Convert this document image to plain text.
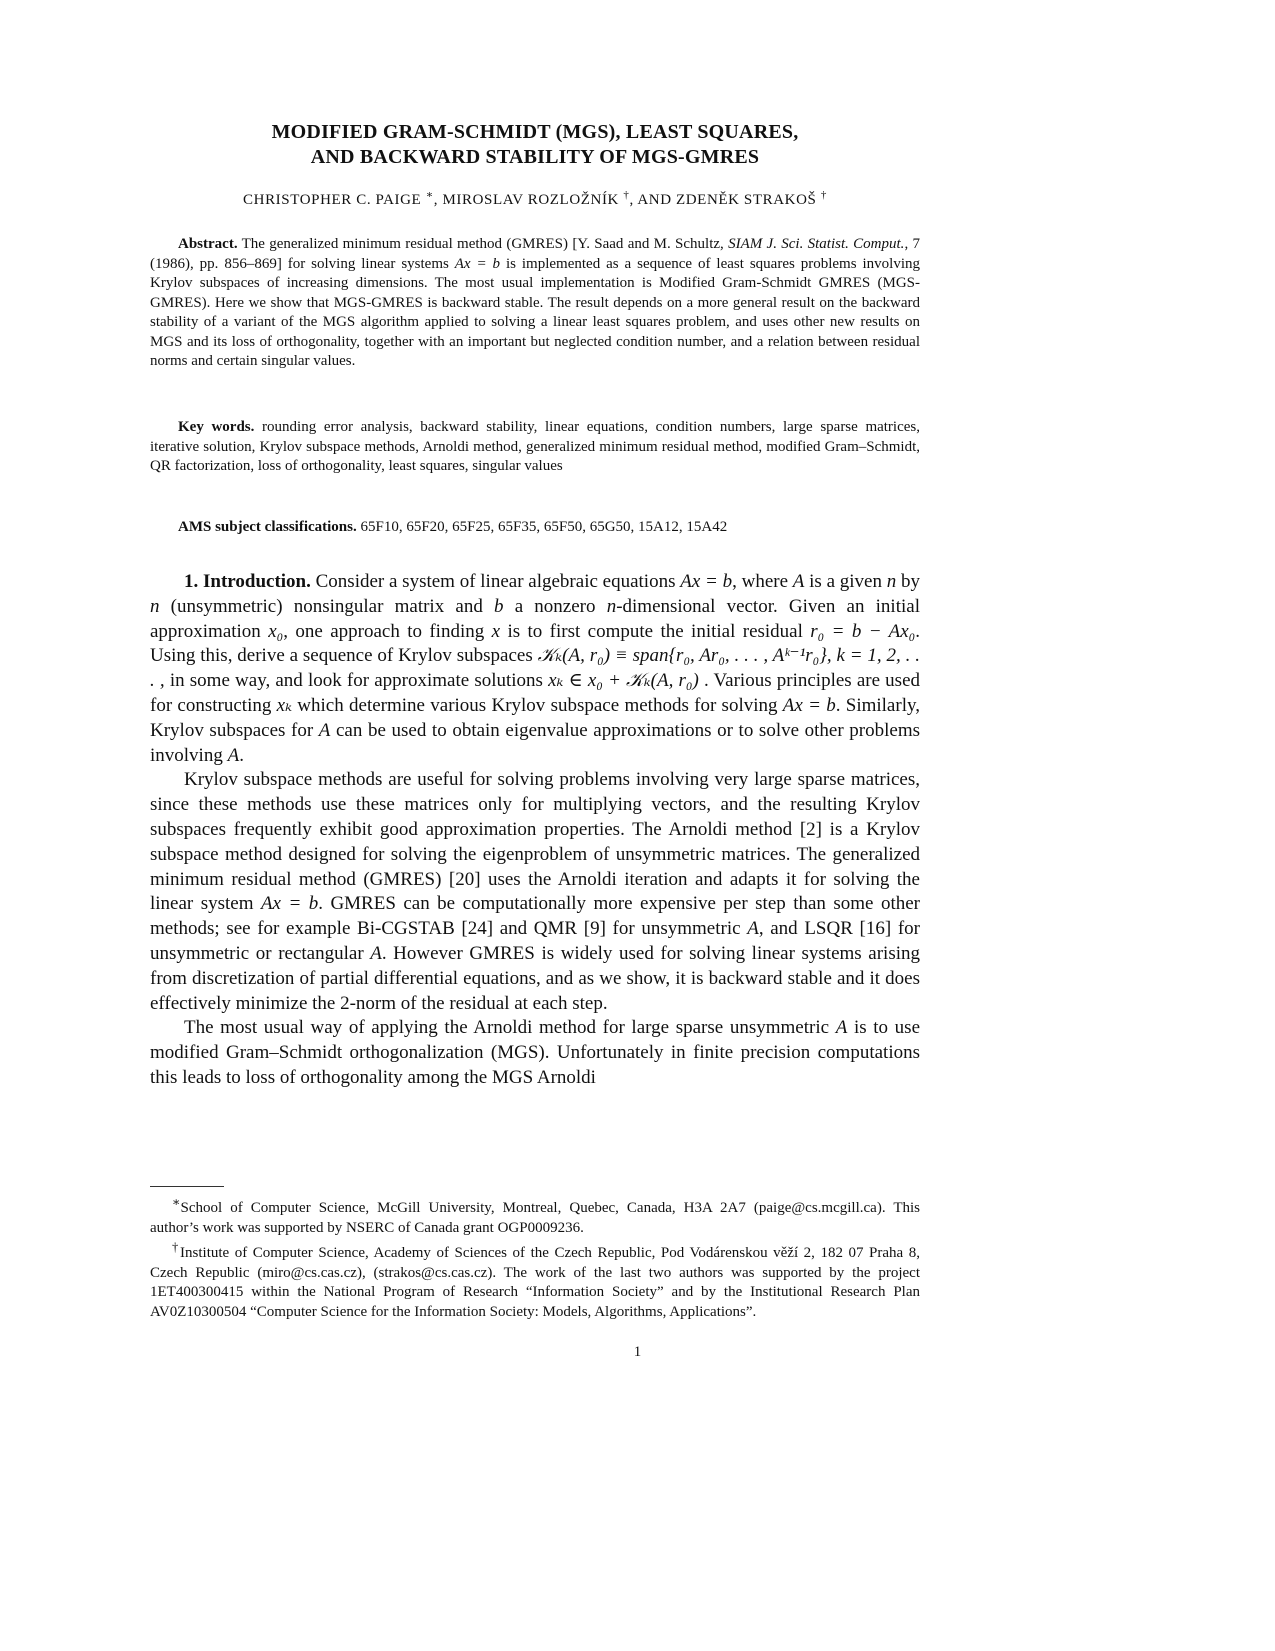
MODIFIED GRAM-SCHMIDT (MGS), LEAST SQUARES,
AND BACKWARD STABILITY OF MGS-GMRES
CHRISTOPHER C. PAIGE ∗, MIROSLAV ROZLOŽNÍK †, AND ZDENĚK STRAKOŠ †

Abstract. The generalized minimum residual method (GMRES) [Y. Saad and M. Schultz, SIAM J. Sci. Statist. Comput., 7 (1986), pp. 856–869] for solving linear systems Ax = b is implemented as a sequence of least squares problems involving Krylov subspaces of increasing dimensions. The most usual implementation is Modified Gram-Schmidt GMRES (MGS-GMRES). Here we show that MGS-GMRES is backward stable. The result depends on a more general result on the backward stability of a variant of the MGS algorithm applied to solving a linear least squares problem, and uses other new results on MGS and its loss of orthogonality, together with an important but neglected condition number, and a relation between residual norms and certain singular values.

Key words. rounding error analysis, backward stability, linear equations, condition numbers, large sparse matrices, iterative solution, Krylov subspace methods, Arnoldi method, generalized minimum residual method, modified Gram–Schmidt, QR factorization, loss of orthogonality, least squares, singular values

AMS subject classifications. 65F10, 65F20, 65F25, 65F35, 65F50, 65G50, 15A12, 15A42

1. Introduction. Consider a system of linear algebraic equations Ax = b, where A is a given n by n (unsymmetric) nonsingular matrix and b a nonzero n-dimensional vector. Given an initial approximation x₀, one approach to finding x is to first compute the initial residual r₀ = b − Ax₀. Using this, derive a sequence of Krylov subspaces 𝒦ₖ(A, r₀) ≡ span{r₀, Ar₀, . . . , Aᵏ⁻¹r₀}, k = 1, 2, . . . , in some way, and look for approximate solutions xₖ ∈ x₀ + 𝒦ₖ(A, r₀) . Various principles are used for constructing xₖ which determine various Krylov subspace methods for solving Ax = b. Similarly, Krylov subspaces for A can be used to obtain eigenvalue approximations or to solve other problems involving A.

Krylov subspace methods are useful for solving problems involving very large sparse matrices, since these methods use these matrices only for multiplying vectors, and the resulting Krylov subspaces frequently exhibit good approximation properties. The Arnoldi method [2] is a Krylov subspace method designed for solving the eigenproblem of unsymmetric matrices. The generalized minimum residual method (GMRES) [20] uses the Arnoldi iteration and adapts it for solving the linear system Ax = b. GMRES can be computationally more expensive per step than some other methods; see for example Bi-CGSTAB [24] and QMR [9] for unsymmetric A, and LSQR [16] for unsymmetric or rectangular A. However GMRES is widely used for solving linear systems arising from discretization of partial differential equations, and as we show, it is backward stable and it does effectively minimize the 2-norm of the residual at each step.

The most usual way of applying the Arnoldi method for large sparse unsymmetric A is to use modified Gram–Schmidt orthogonalization (MGS). Unfortunately in finite precision computations this leads to loss of orthogonality among the MGS Arnoldi

∗School of Computer Science, McGill University, Montreal, Quebec, Canada, H3A 2A7 (paige@cs.mcgill.ca). This author’s work was supported by NSERC of Canada grant OGP0009236.

†Institute of Computer Science, Academy of Sciences of the Czech Republic, Pod Vodárenskou věží 2, 182 07 Praha 8, Czech Republic (miro@cs.cas.cz), (strakos@cs.cas.cz). The work of the last two authors was supported by the project 1ET400300415 within the National Program of Research “Information Society” and by the Institutional Research Plan AV0Z10300504 “Computer Science for the Information Society: Models, Algorithms, Applications”.

1
